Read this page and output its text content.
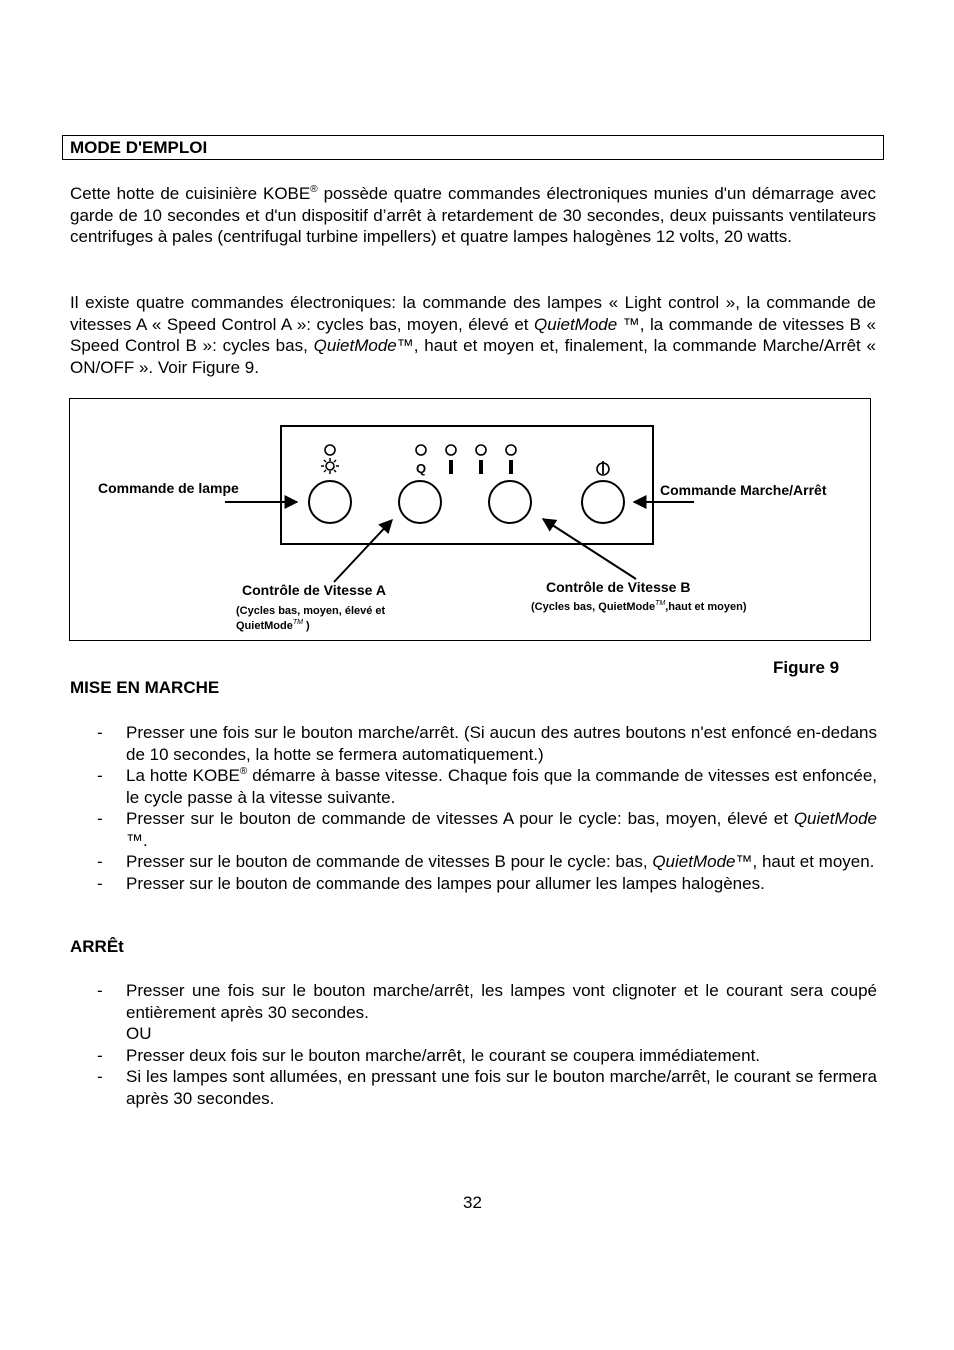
MODE D'EMPLOI

Cette hotte de cuisinière KOBE® possède quatre commandes électroniques munies d'un démarrage avec garde de 10 secondes et d'un dispositif d’arrêt à retardement de 30 secondes, deux puissants ventilateurs centrifuges à pales (centrifugal turbine impellers) et quatre lampes halogènes 12 volts, 20 watts.

Il existe quatre commandes électroniques: la commande des lampes « Light control », la commande de vitesses A « Speed Control A »: cycles bas, moyen, élevé et QuietMode ™, la commande de vitesses B « Speed Control B »: cycles bas, QuietMode™, haut et moyen et, finalement, la commande Marche/Arrêt « ON/OFF ». Voir Figure 9.

Q
Commande de lampe	Commande Marche/Arrêt
Contrôle de Vitesse A
(Cycles bas, moyen, élevé et
QuietMode™ )
Contrôle de Vitesse B
(Cycles bas, QuietMode™,haut et moyen)
Figure 9
MISE EN MARCHE
- Presser une fois sur le bouton marche/arrêt. (Si aucun des autres boutons n'est enfoncé en-dedans de 10 secondes, la hotte se fermera automatiquement.)
- La hotte KOBE® démarre à basse vitesse. Chaque fois que la commande de vitesses est enfoncée, le cycle passe à la vitesse suivante.
- Presser sur le bouton de commande de vitesses A pour le cycle: bas, moyen, élevé et QuietMode ™.
- Presser sur le bouton de commande de vitesses B pour le cycle: bas, QuietMode™, haut et moyen.
- Presser sur le bouton de commande des lampes pour allumer les lampes halogènes.
ARRÊt
- Presser une fois sur le bouton marche/arrêt, les lampes vont clignoter et le courant sera coupé entièrement après 30 secondes.
OU
- Presser deux fois sur le bouton marche/arrêt, le courant se coupera immédiatement.
- Si les lampes sont allumées, en pressant une fois sur le bouton marche/arrêt, le courant se fermera après 30 secondes.
32
